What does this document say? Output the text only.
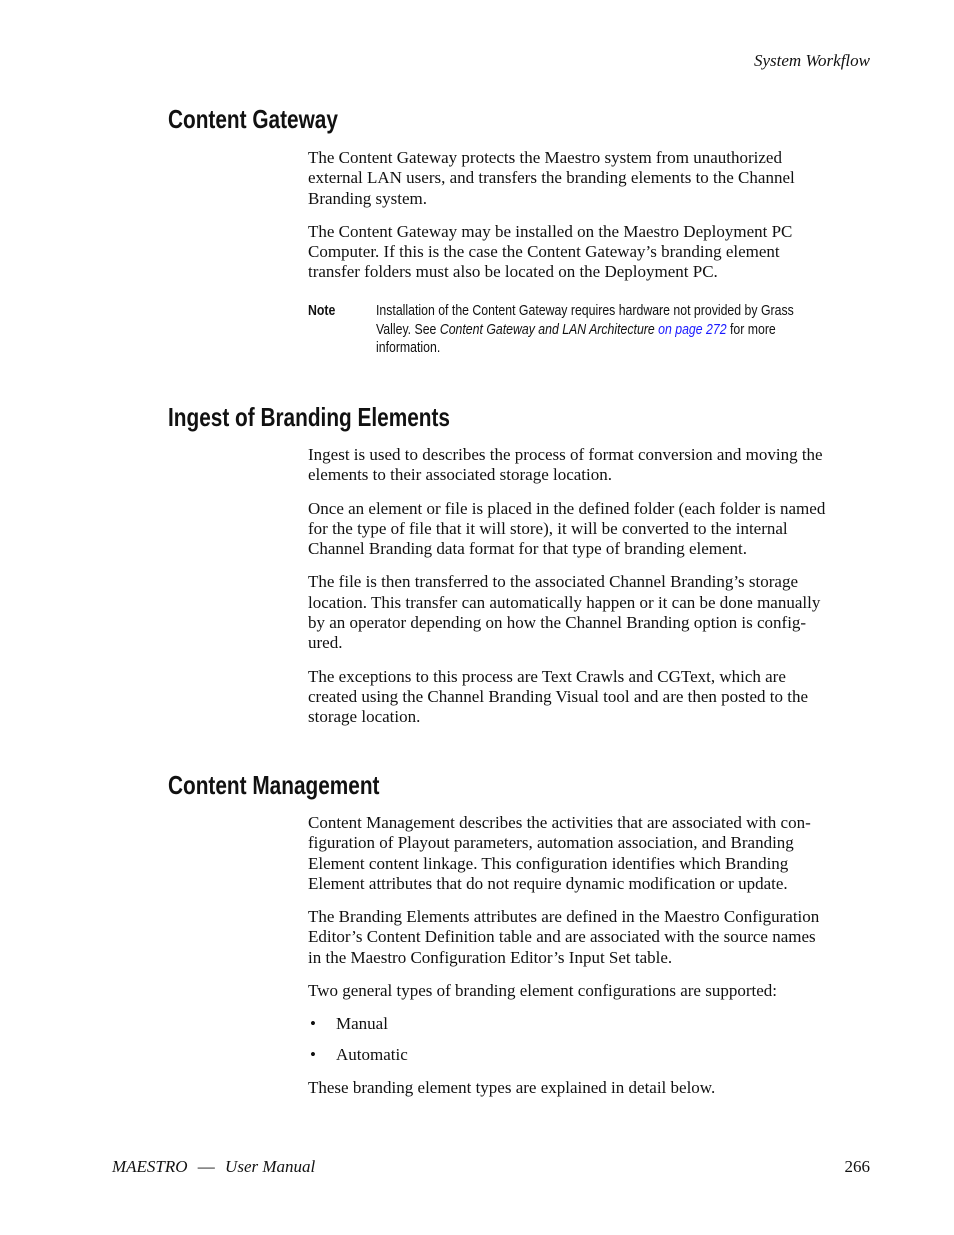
System Workflow
Content Gateway

The Content Gateway protects the Maestro system from unauthorized
external LAN users, and transfers the branding elements to the Channel
Branding system.

The Content Gateway may be installed on the Maestro Deployment PC
Computer. If this is the case the Content Gateway’s branding element
transfer folders must also be located on the Deployment PC.

Note	Installation of the Content Gateway requires hardware not provided by Grass
Valley. See Content Gateway and LAN Architecture on page 272 for more
information.
Ingest of Branding Elements

Ingest is used to describes the process of format conversion and moving the
elements to their associated storage location.

Once an element or file is placed in the defined folder (each folder is named
for the type of file that it will store), it will be converted to the internal
Channel Branding data format for that type of branding element.

The file is then transferred to the associated Channel Branding’s storage
location. This transfer can automatically happen or it can be done manually
by an operator depending on how the Channel Branding option is config-
ured.

The exceptions to this process are Text Crawls and CGText, which are
created using the Channel Branding Visual tool and are then posted to the
storage location.

Content Management

Content Management describes the activities that are associated with con-
figuration of Playout parameters, automation association, and Branding
Element content linkage. This configuration identifies which Branding
Element attributes that do not require dynamic modification or update.

The Branding Elements attributes are defined in the Maestro Configuration
Editor’s Content Definition table and are associated with the source names
in the Maestro Configuration Editor’s Input Set table.

Two general types of branding element configurations are supported:

• Manual
• Automatic

These branding element types are explained in detail below.

MAESTRO — User Manual	266
